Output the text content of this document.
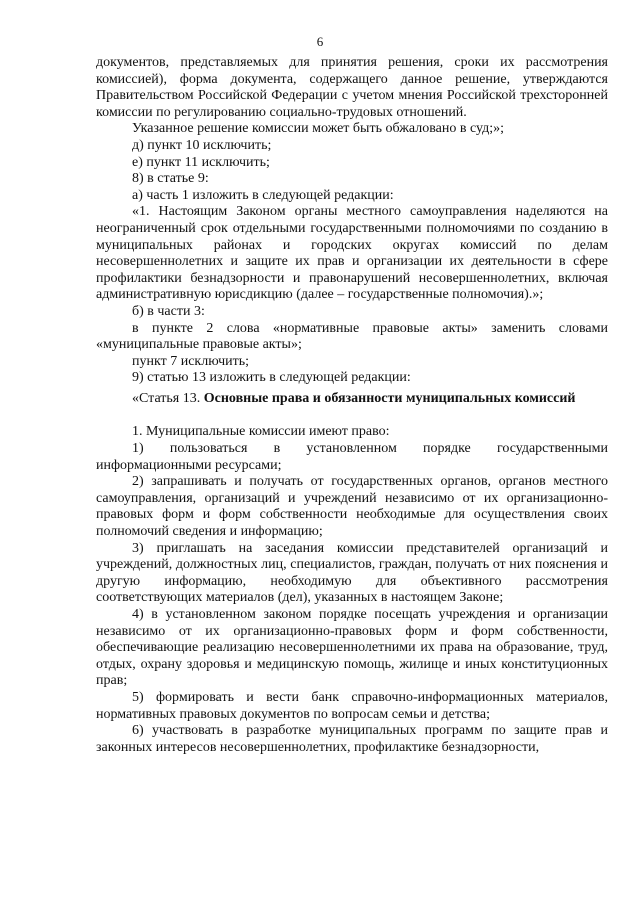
6

документов, представляемых для принятия решения, сроки их рассмотрения комиссией), форма документа, содержащего данное решение, утверждаются Правительством Российской Федерации с учетом мнения Российской трехсторонней комиссии по регулированию социально-трудовых отношений.

Указанное решение комиссии может быть обжаловано в суд;»;

д) пункт 10 исключить;

е) пункт 11 исключить;

8) в статье 9:

а) часть 1 изложить в следующей редакции:

«1. Настоящим Законом органы местного самоуправления наделяются на неограниченный срок отдельными государственными полномочиями по созданию в муниципальных районах и городских округах комиссий по делам несовершеннолетних и защите их прав и организации их деятельности в сфере профилактики безнадзорности и правонарушений несовершеннолетних, включая административную юрисдикцию (далее – государственные полномочия).»;

б) в части 3:

в пункте 2 слова «нормативные правовые акты» заменить словами «муниципальные правовые акты»;

пункт 7 исключить;

9) статью 13 изложить в следующей редакции:

«Статья 13. Основные права и обязанности муниципальных комиссий

1. Муниципальные комиссии имеют право:

1) пользоваться в установленном порядке государственными информационными ресурсами;

2) запрашивать и получать от государственных органов, органов местного самоуправления, организаций и учреждений независимо от их организационно-правовых форм и форм собственности необходимые для осуществления своих полномочий сведения и информацию;

3) приглашать на заседания комиссии представителей организаций и учреждений, должностных лиц, специалистов, граждан, получать от них пояснения и другую информацию, необходимую для объективного рассмотрения соответствующих материалов (дел), указанных в настоящем Законе;

4) в установленном законом порядке посещать учреждения и организации независимо от их организационно-правовых форм и форм собственности, обеспечивающие реализацию несовершеннолетними их права на образование, труд, отдых, охрану здоровья и медицинскую помощь, жилище и иных конституционных прав;

5) формировать и вести банк справочно-информационных материалов, нормативных правовых документов по вопросам семьи и детства;

6) участвовать в разработке муниципальных программ по защите прав и законных интересов несовершеннолетних, профилактике безнадзорности,
